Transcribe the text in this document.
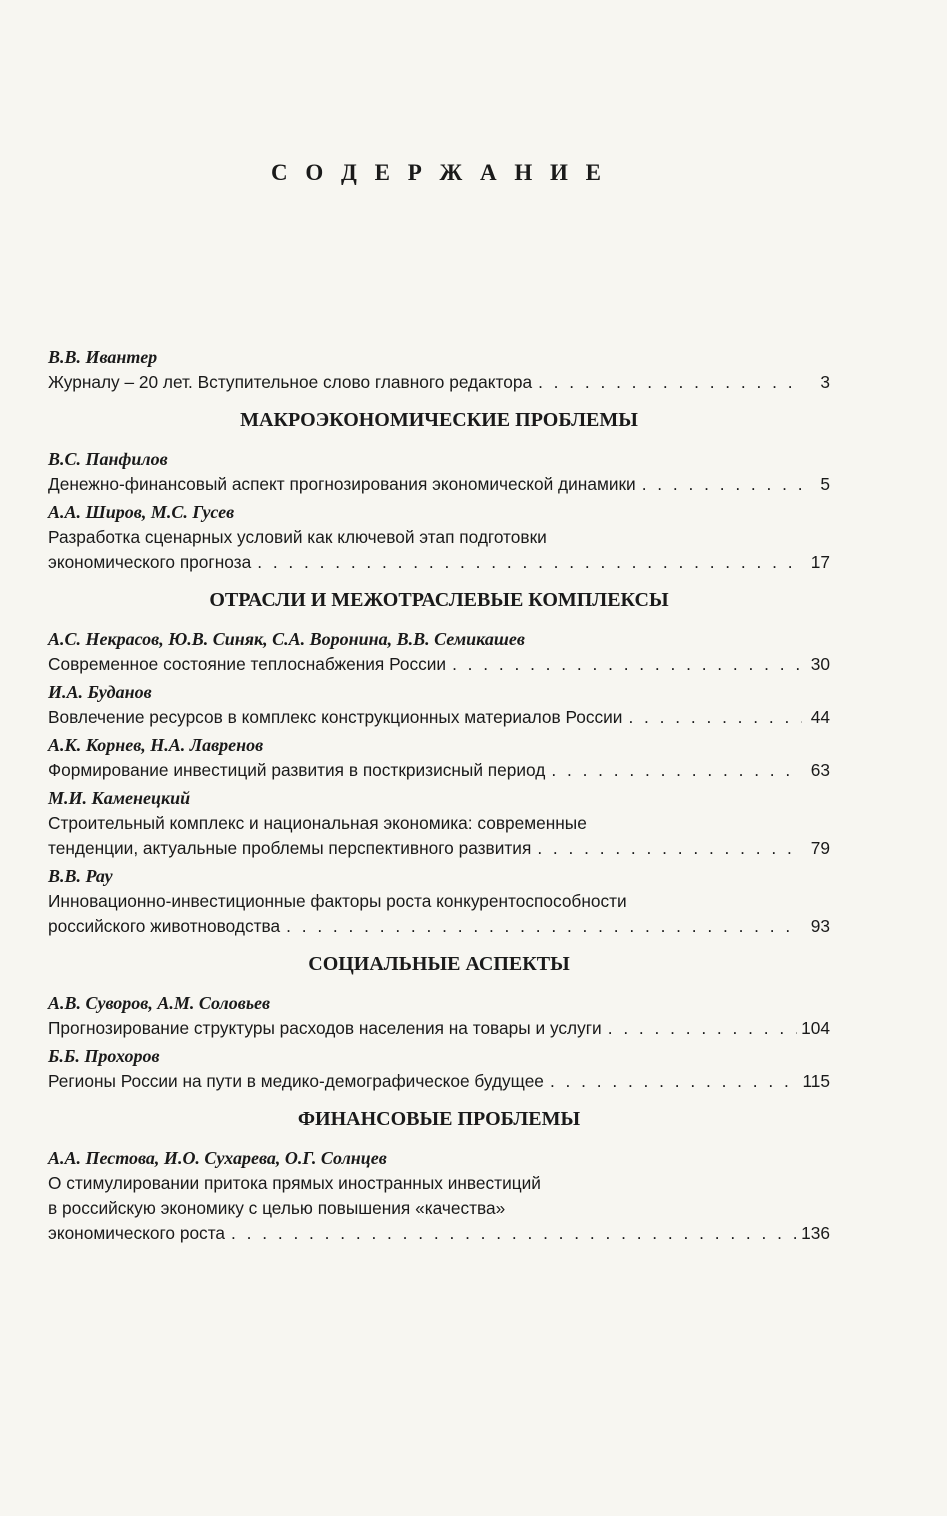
С О Д Е Р Ж А Н И Е

В.В. Ивантер

Журналу – 20 лет. Вступительное слово главного редактора . . .	3

МАКРОЭКОНОМИЧЕСКИЕ ПРОБЛЕМЫ

В.С. Панфилов

Денежно-финансовый аспект прогнозирования экономической динамики . . .	5

А.А. Широв, М.С. Гусев

Разработка сценарных условий как ключевой этап подготовки
экономического прогноза . . .	17

ОТРАСЛИ И МЕЖОТРАСЛЕВЫЕ КОМПЛЕКСЫ

А.С. Некрасов, Ю.В. Синяк, С.А. Воронина, В.В. Семикашев

Современное состояние теплоснабжения России . . .	30

И.А. Буданов

Вовлечение ресурсов в комплекс конструкционных материалов России . . .	44

А.К. Корнев, Н.А. Лавренов

Формирование инвестиций развития в посткризисный период . . .	63

М.И. Каменецкий

Строительный комплекс и национальная экономика: современные
тенденции, актуальные проблемы перспективного развития . . .	79

В.В. Рау

Инновационно-инвестиционные факторы роста конкурентоспособности
российского животноводства . . .	93

СОЦИАЛЬНЫЕ АСПЕКТЫ

А.В. Суворов, А.М. Соловьев

Прогнозирование структуры расходов населения на товары и услуги . . .	104

Б.Б. Прохоров

Регионы России на пути в медико-демографическое будущее . . .	115

ФИНАНСОВЫЕ ПРОБЛЕМЫ

А.А. Пестова, И.О. Сухарева, О.Г. Солнцев

О стимулировании притока прямых иностранных инвестиций
в российскую экономику с целью повышения «качества»
экономического роста . . .	136
